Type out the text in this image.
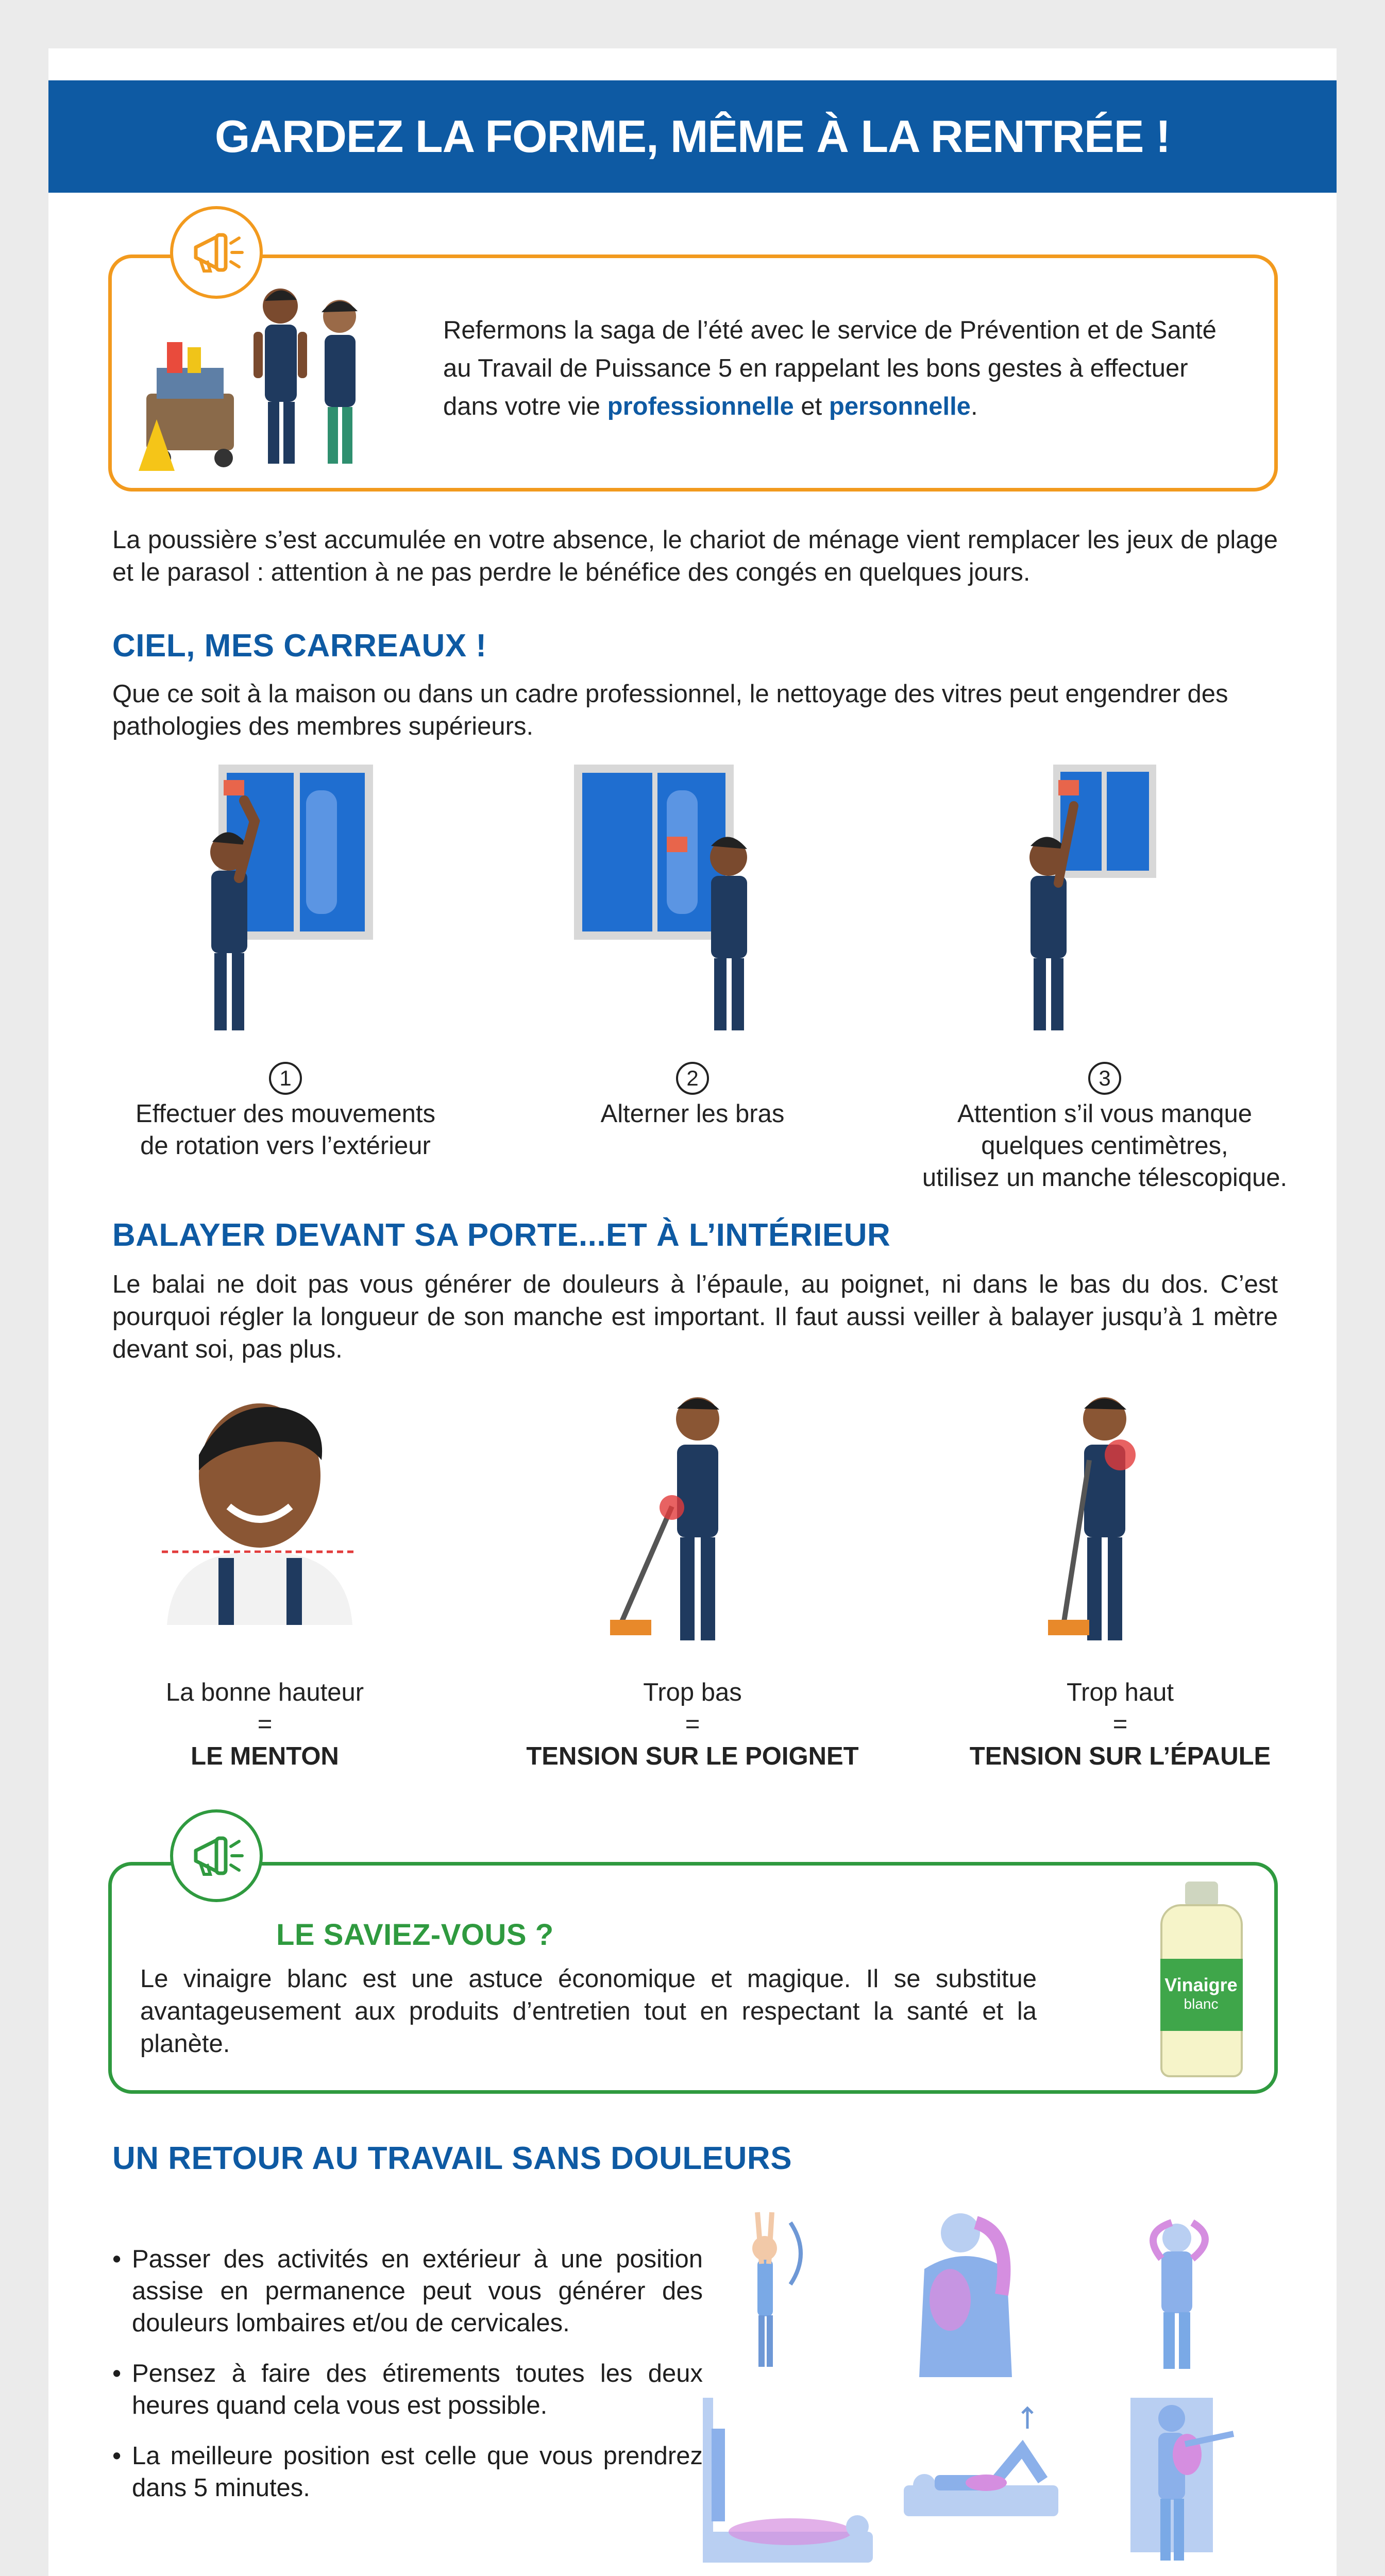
GARDEZ LA FORME, MÊME À LA RENTRÉE !
Refermons la saga de l’été avec le service de Prévention et de Santé au Travail de Puissance 5 en rappelant les bons gestes à effectuer dans votre vie professionnelle et personnelle.
La poussière s’est accumulée en votre absence, le chariot de ménage vient remplacer les jeux de plage et le parasol : attention à ne pas perdre le bénéfice des congés en quelques jours.
CIEL, MES CARREAUX !
Que ce soit à la maison ou dans un cadre professionnel, le nettoyage des vitres peut engendrer des pathologies des membres supérieurs.
1
Effectuer des mouvements
de rotation vers l’extérieur
2
Alterner les bras
3
Attention s’il vous manque
quelques centimètres,
utilisez un manche télescopique.
BALAYER DEVANT SA PORTE...ET À L’INTÉRIEUR
Le balai ne doit pas vous générer de douleurs à l’épaule, au poignet, ni dans le bas du dos. C’est pourquoi régler la longueur de son manche est important. Il faut aussi veiller à balayer jusqu’à 1 mètre devant soi, pas plus.
La bonne hauteur
=
LE MENTON
Trop bas
=
TENSION SUR LE POIGNET
Trop haut
=
TENSION SUR L’ÉPAULE
LE SAVIEZ-VOUS ?
Le vinaigre blanc est une astuce économique et magique. Il se substitue avantageusement aux produits d’entretien tout en respectant la santé et la planète.
Vinaigre
blanc
UN RETOUR AU TRAVAIL SANS DOULEURS
• Passer des activités en extérieur à une position assise en permanence peut vous générer des douleurs lombaires et/ou de cervicales.
• Pensez à faire des étirements toutes les deux heures quand cela vous est possible.
• La meilleure position est celle que vous prendrez dans 5 minutes.
